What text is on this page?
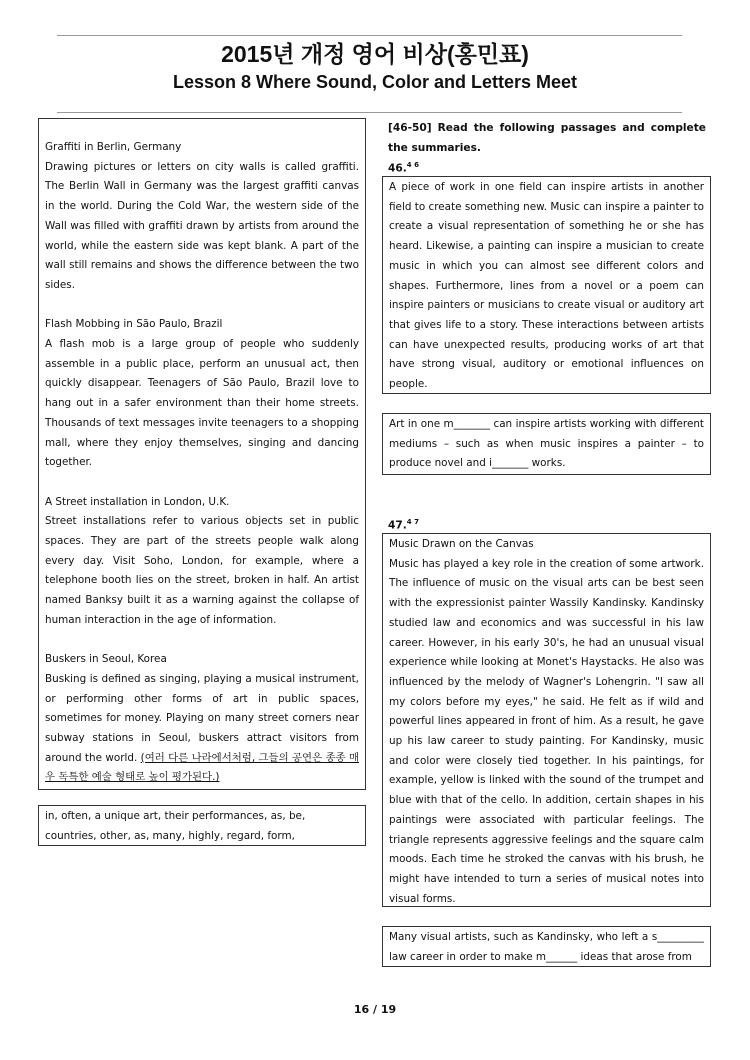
2015년 개정 영어 비상(홍민표)
Lesson 8 Where Sound, Color and Letters Meet

Graffiti in Berlin, Germany

Drawing pictures or letters on city walls is called graffiti. The Berlin Wall in Germany was the largest graffiti canvas in the world. During the Cold War, the western side of the Wall was filled with graffiti drawn by artists from around the world, while the eastern side was kept blank. A part of the wall still remains and shows the difference between the two sides.

Flash Mobbing in São Paulo, Brazil

A flash mob is a large group of people who suddenly assemble in a public place, perform an unusual act, then quickly disappear. Teenagers of São Paulo, Brazil love to hang out in a safer environment than their home streets. Thousands of text messages invite teenagers to a shopping mall, where they enjoy themselves, singing and dancing together.

A Street installation in London, U.K.

Street installations refer to various objects set in public spaces. They are part of the streets people walk along every day. Visit Soho, London, for example, where a telephone booth lies on the street, broken in half. An artist named Banksy built it as a warning against the collapse of human interaction in the age of information.

Buskers in Seoul, Korea

Busking is defined as singing, playing a musical instrument, or performing other forms of art in public spaces, sometimes for money. Playing on many street corners near subway stations in Seoul, buskers attract visitors from around the world. (여러 다른 나라에서처럼, 그들의 공연은 종종 매우 독특한 예술 형태로 높이 평가된다.)

in, often, a unique art, their performances, as, be, countries, other, as, many, highly, regard, form,

[46-50] Read the following passages and complete the summaries.
46.$^{4 6}$

A piece of work in one field can inspire artists in another field to create something new. Music can inspire a painter to create a visual representation of something he or she has heard. Likewise, a painting can inspire a musician to create music in which you can almost see different colors and shapes. Furthermore, lines from a novel or a poem can inspire painters or musicians to create visual or auditory art that gives life to a story. These interactions between artists can have unexpected results, producing works of art that have strong visual, auditory or emotional influences on people.

Art in one m_______ can inspire artists working with different mediums – such as when music inspires a painter – to produce novel and i_______ works.

47.$^{4 7}$

Music Drawn on the Canvas

Music has played a key role in the creation of some artwork. The influence of music on the visual arts can be best seen with the expressionist painter Wassily Kandinsky. Kandinsky studied law and economics and was successful in his law career. However, in his early 30's, he had an unusual visual experience while looking at Monet's Haystacks. He also was influenced by the melody of Wagner's Lohengrin. "I saw all my colors before my eyes," he said. He felt as if wild and powerful lines appeared in front of him. As a result, he gave up his law career to study painting. For Kandinsky, music and color were closely tied together. In his paintings, for example, yellow is linked with the sound of the trumpet and blue with that of the cello. In addition, certain shapes in his paintings were associated with particular feelings. The triangle represents aggressive feelings and the square calm moods. Each time he stroked the canvas with his brush, he might have intended to turn a series of musical notes into visual forms.

Many visual artists, such as Kandinsky, who left a s_________ law career in order to make m______ ideas that arose from

16 / 19
